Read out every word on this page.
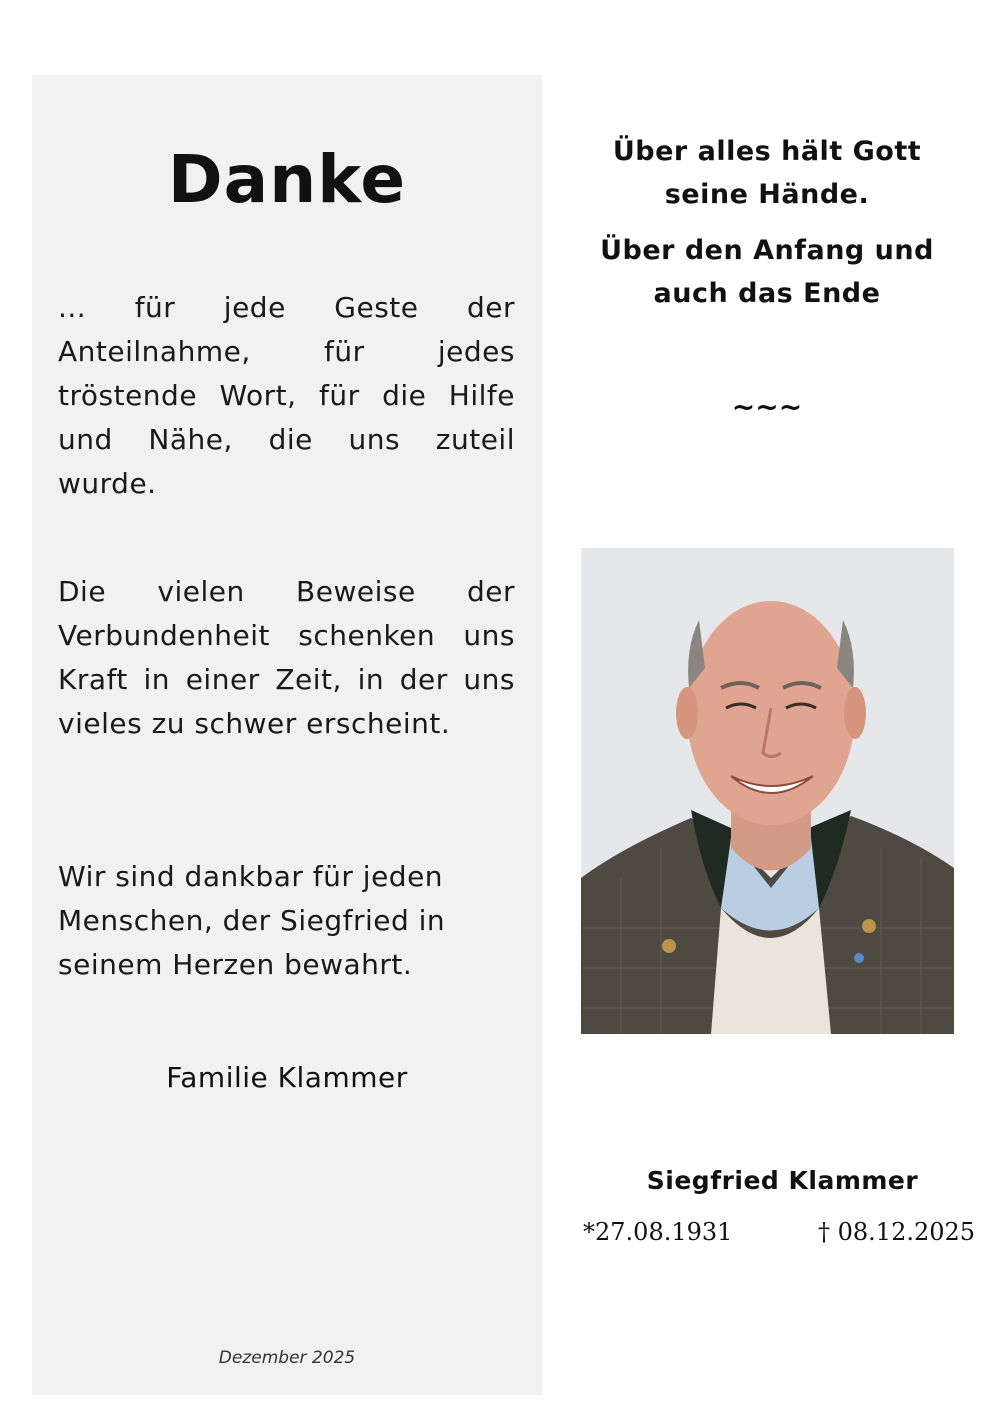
Danke

... für jede Geste der Anteilnahme, für jedes tröstende Wort, für die Hilfe und Nähe, die uns zuteil wurde.

Die vielen Beweise der Verbundenheit schenken uns Kraft in einer Zeit, in der uns vieles zu schwer erscheint.

Wir sind dankbar für jeden
Menschen, der Siegfried in
seinem Herzen bewahrt.

Familie Klammer
Dezember 2025

Über alles hält Gott
seine Hände.

Über den Anfang und
auch das Ende

~~~
Siegfried Klammer
*27.08.1931	† 08.12.2025
